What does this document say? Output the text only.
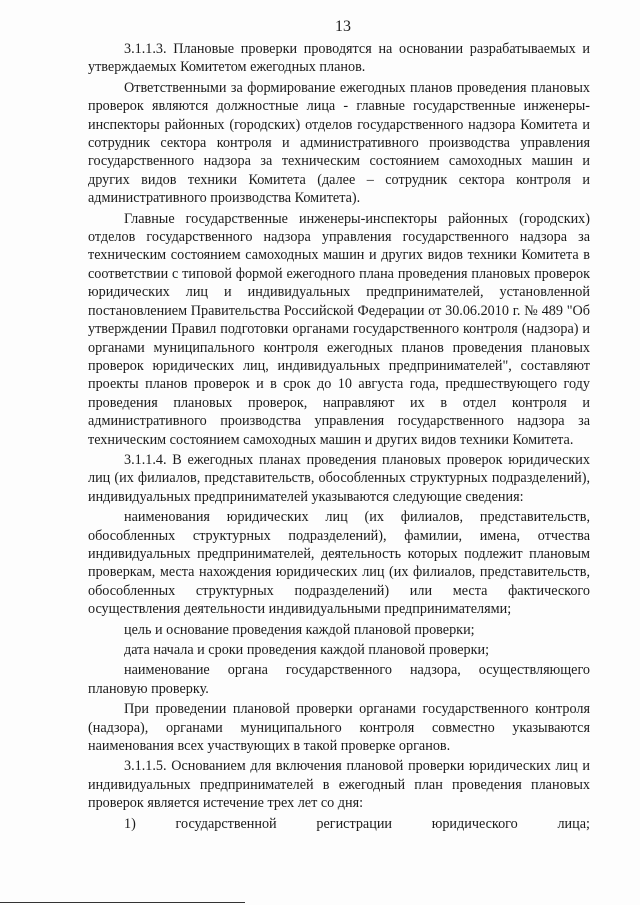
13

3.1.1.3. Плановые проверки проводятся на основании разрабатываемых и утверждаемых Комитетом ежегодных планов.

Ответственными за формирование ежегодных планов проведения плановых проверок являются должностные лица - главные государственные инженеры-инспекторы районных (городских) отделов государственного надзора Комитета и сотрудник сектора контроля и административного производства управления государственного надзора за техническим состоянием самоходных машин и других видов техники Комитета (далее – сотрудник сектора контроля и административного производства Комитета).

Главные государственные инженеры-инспекторы районных (городских) отделов государственного надзора управления государственного надзора за техническим состоянием самоходных машин и других видов техники Комитета в соответствии с типовой формой ежегодного плана проведения плановых проверок юридических лиц и индивидуальных предпринимателей, установленной постановлением Правительства Российской Федерации от 30.06.2010 г. № 489 "Об утверждении Правил подготовки органами государственного контроля (надзора) и органами муниципального контроля ежегодных планов проведения плановых проверок юридических лиц, индивидуальных предпринимателей", составляют проекты планов проверок и в срок до 10 августа года, предшествующего году проведения плановых проверок, направляют их в отдел контроля и административного производства управления государственного надзора за техническим состоянием самоходных машин и других видов техники Комитета.

3.1.1.4. В ежегодных планах проведения плановых проверок юридических лиц (их филиалов, представительств, обособленных структурных подразделений), индивидуальных предпринимателей указываются следующие сведения:

наименования юридических лиц (их филиалов, представительств, обособленных структурных подразделений), фамилии, имена, отчества индивидуальных предпринимателей, деятельность которых подлежит плановым проверкам, места нахождения юридических лиц (их филиалов, представительств, обособленных структурных подразделений) или места фактического осуществления деятельности индивидуальными предпринимателями;

цель и основание проведения каждой плановой проверки;

дата начала и сроки проведения каждой плановой проверки;

наименование органа государственного надзора, осуществляющего плановую проверку.

При проведении плановой проверки органами государственного контроля (надзора), органами муниципального контроля совместно указываются наименования всех участвующих в такой проверке органов.

3.1.1.5. Основанием для включения плановой проверки юридических лиц и индивидуальных предпринимателей в ежегодный план проведения плановых проверок является истечение трех лет со дня:

1)	государственной	регистрации	юридического	лица;
